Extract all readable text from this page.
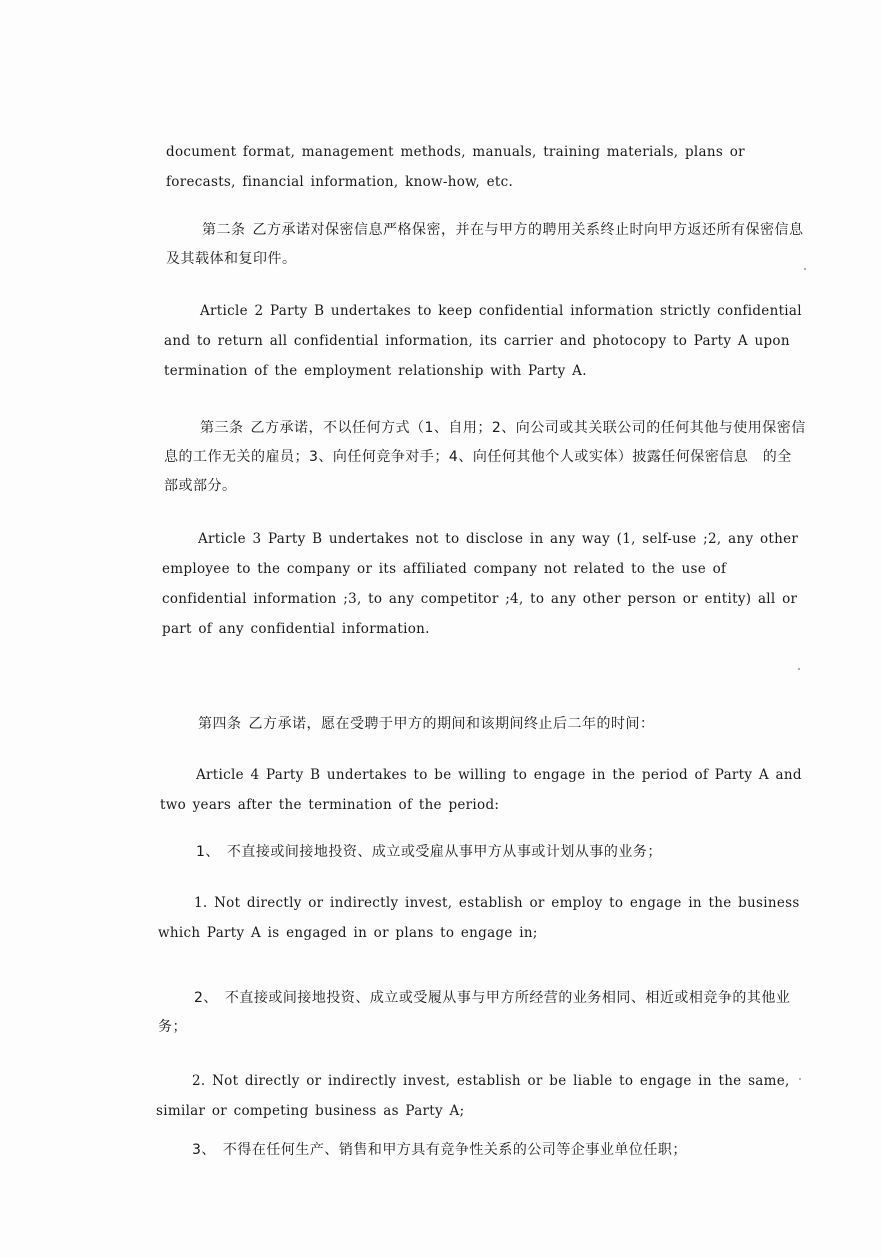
document format, management methods, manuals, training materials, plans or forecasts, financial information, know-how, etc.

第二条 乙方承诺对保密信息严格保密，并在与甲方的聘用关系终止时向甲方返还所有保密信息及其载体和复印件。

Article 2 Party B undertakes to keep confidential information strictly confidential and to return all confidential information, its carrier and photocopy to Party A upon termination of the employment relationship with Party A.

第三条 乙方承诺，不以任何方式（1、自用；2、向公司或其关联公司的任何其他与使用保密信息的工作无关的雇员；3、向任何竞争对手；4、向任何其他个人或实体）披露任何保密信息　的全部或部分。

Article 3 Party B undertakes not to disclose in any way (1, self-use ;2, any other employee to the company or its affiliated company not related to the use of confidential information ;3, to any competitor ;4, to any other person or entity) all or part of any confidential information.

第四条 乙方承诺，愿在受聘于甲方的期间和该期间终止后二年的时间：

Article 4 Party B undertakes to be willing to engage in the period of Party A and two years after the termination of the period:

1、 不直接或间接地投资、成立或受雇从事甲方从事或计划从事的业务；

1. Not directly or indirectly invest, establish or employ to engage in the business which Party A is engaged in or plans to engage in;

2、 不直接或间接地投资、成立或受履从事与甲方所经营的业务相同、相近或相竞争的其他业务；

2. Not directly or indirectly invest, establish or be liable to engage in the same, similar or competing business as Party A;

3、 不得在任何生产、销售和甲方具有竞争性关系的公司等企事业单位任职；
